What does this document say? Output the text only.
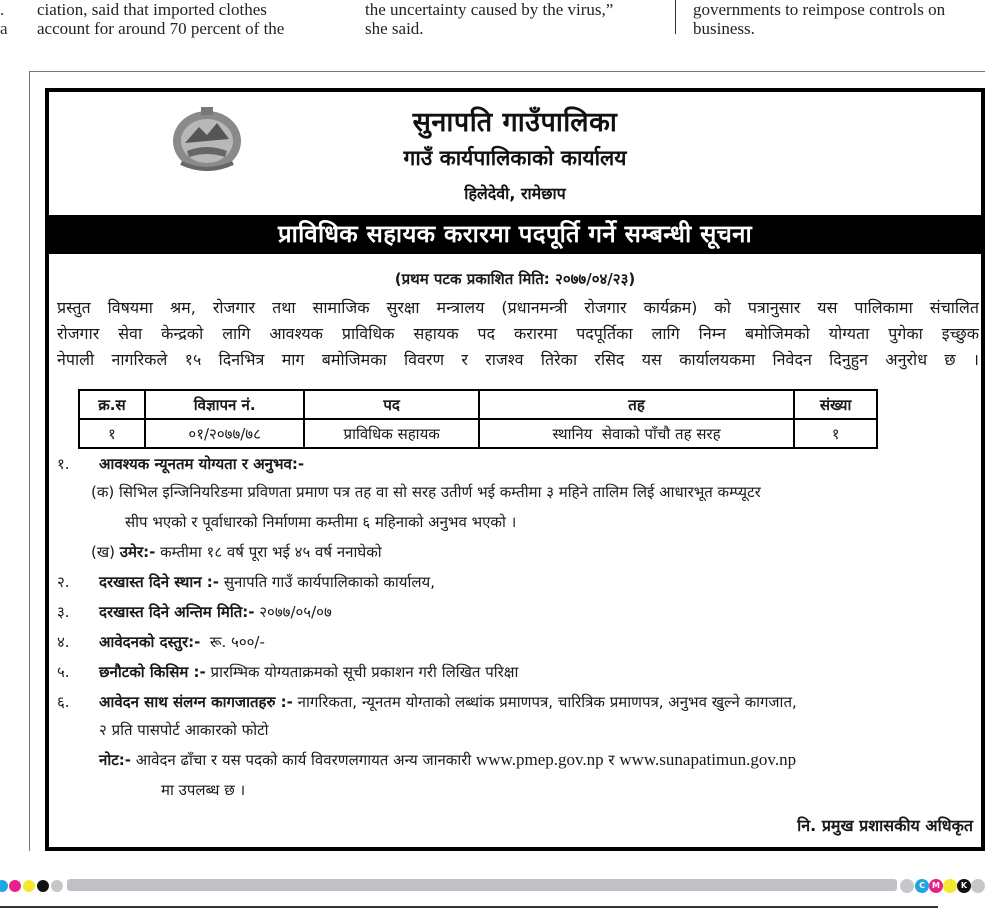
.

a

ciation, said that imported clothes

account for around 70 percent of the

the uncertainty caused by the virus,”

she said.

governments to reimpose controls on

business.

सुनापति गाउँपालिका
गाउँ कार्यपालिकाको कार्यालय
हिलेदेवी, रामेछाप
प्राविधिक सहायक करारमा पदपूर्ति गर्ने सम्बन्धी सूचना
(प्रथम पटक प्रकाशित मिति: २०७७/०४/२३)

प्रस्तुत विषयमा श्रम, रोजगार तथा सामाजिक सुरक्षा मन्त्रालय (प्रधानमन्त्री रोजगार कार्यक्रम) को पत्रानुसार यस पालिकामा संचालित

रोजगार सेवा केन्द्रको लागि आवश्यक प्राविधिक सहायक पद करारमा पदपूर्तिका लागि निम्न बमोजिमको योग्यता पुगेका इच्छुक

नेपाली नागरिकले १५ दिनभित्र माग बमोजिमका विवरण र राजश्व तिरेका रसिद यस कार्यालयकमा निवेदन दिनुहुन अनुरोध छ ।

क्र.स	विज्ञापन नं.	पद	तह	संख्या
१	०१/२०७७/७८	प्राविधिक सहायक	स्थानिय  सेवाको पाँचौ तह सरह	१
१.	आवश्यक न्यूनतम योग्यता र अनुभव:-
(क) सिभिल इन्जिनियरिङमा प्रविणता प्रमाण पत्र तह वा सो सरह उतीर्ण भई कम्तीमा ३ महिने तालिम लिई आधारभूत कम्प्यूटर
सीप भएको र पूर्वाधारको निर्माणमा कम्तीमा ६ महिनाको अनुभव भएको ।
(ख) उमेर:- कम्तीमा १८ वर्ष पूरा भई ४५ वर्ष ननाघेको
२.	दरखास्त दिने स्थान :- सुनापति गाउँ कार्यपालिकाको कार्यालय,
३.	दरखास्त दिने अन्तिम मिति:- २०७७/०५/०७
४.	आवेदनको दस्तुर:-  रू. ५००/-
५.	छनौटको किसिम :- प्रारम्भिक योग्यताक्रमको सूची प्रकाशन गरी लिखित परिक्षा
६.	आवेदन साथ संलग्न कागजातहरु :- नागरिकता, न्यूनतम योग्ताको लब्धांक प्रमाणपत्र, चारित्रिक प्रमाणपत्र, अनुभव खुल्ने कागजात,
२ प्रति पासपोर्ट आकारको फोटो
नोट:- आवेदन ढाँचा र यस पदको कार्य विवरणलगायत अन्य जानकारी www.pmep.gov.np र www.sunapatimun.gov.np
मा उपलब्ध छ ।
नि. प्रमुख प्रशासकीय अधिकृत
C M Y	K
